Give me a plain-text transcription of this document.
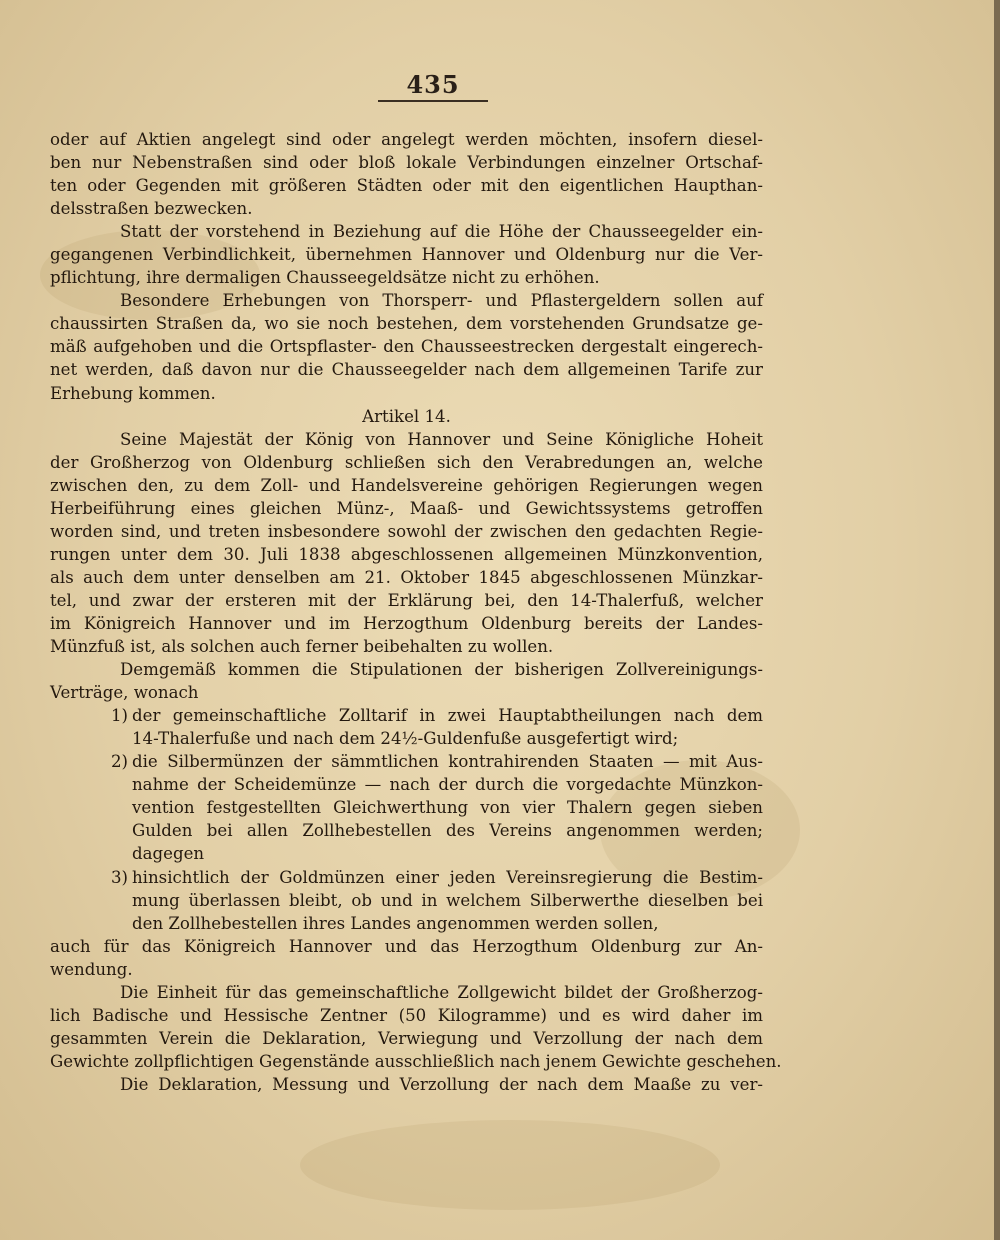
435
oder auf Aktien angelegt sind oder angelegt werden möchten, insofern diesel-
ben nur Nebenstraßen sind oder bloß lokale Verbindungen einzelner Ortschaf-
ten oder Gegenden mit größeren Städten oder mit den eigentlichen Haupthan-
delsstraßen bezwecken.
Statt der vorstehend in Beziehung auf die Höhe der Chausseegelder ein-
gegangenen Verbindlichkeit, übernehmen Hannover und Oldenburg nur die Ver-
pflichtung, ihre dermaligen Chausseegeldsätze nicht zu erhöhen.
Besondere Erhebungen von Thorsperr- und Pflastergeldern sollen auf
chaussirten Straßen da, wo sie noch bestehen, dem vorstehenden Grundsatze ge-
mäß aufgehoben und die Ortspflaster- den Chausseestrecken dergestalt eingerech-
net werden, daß davon nur die Chausseegelder nach dem allgemeinen Tarife zur
Erhebung kommen.
Artikel 14.
Seine Majestät der König von Hannover und Seine Königliche Hoheit
der Großherzog von Oldenburg schließen sich den Verabredungen an, welche
zwischen den, zu dem Zoll- und Handelsvereine gehörigen Regierungen wegen
Herbeiführung eines gleichen Münz-, Maaß- und Gewichtssystems getroffen
worden sind, und treten insbesondere sowohl der zwischen den gedachten Regie-
rungen unter dem 30. Juli 1838 abgeschlossenen allgemeinen Münzkonvention,
als auch dem unter denselben am 21. Oktober 1845 abgeschlossenen Münzkar-
tel, und zwar der ersteren mit der Erklärung bei, den 14-Thalerfuß, welcher
im Königreich Hannover und im Herzogthum Oldenburg bereits der Landes-
Münzfuß ist, als solchen auch ferner beibehalten zu wollen.
Demgemäß kommen die Stipulationen der bisherigen Zollvereinigungs-
Verträge, wonach
1) der gemeinschaftliche Zolltarif in zwei Hauptabtheilungen nach dem
14-Thalerfuße und nach dem 24½-Guldenfuße ausgefertigt wird;
2) die Silbermünzen der sämmtlichen kontrahirenden Staaten — mit Aus-
nahme der Scheidemünze — nach der durch die vorgedachte Münzkon-
vention festgestellten Gleichwerthung von vier Thalern gegen sieben
Gulden bei allen Zollhebestellen des Vereins angenommen werden;
dagegen
3) hinsichtlich der Goldmünzen einer jeden Vereinsregierung die Bestim-
mung überlassen bleibt, ob und in welchem Silberwerthe dieselben bei
den Zollhebestellen ihres Landes angenommen werden sollen,
auch für das Königreich Hannover und das Herzogthum Oldenburg zur An-
wendung.
Die Einheit für das gemeinschaftliche Zollgewicht bildet der Großherzog-
lich Badische und Hessische Zentner (50 Kilogramme) und es wird daher im
gesammten Verein die Deklaration, Verwiegung und Verzollung der nach dem
Gewichte zollpflichtigen Gegenstände ausschließlich nach jenem Gewichte geschehen.
Die Deklaration, Messung und Verzollung der nach dem Maaße zu ver-
